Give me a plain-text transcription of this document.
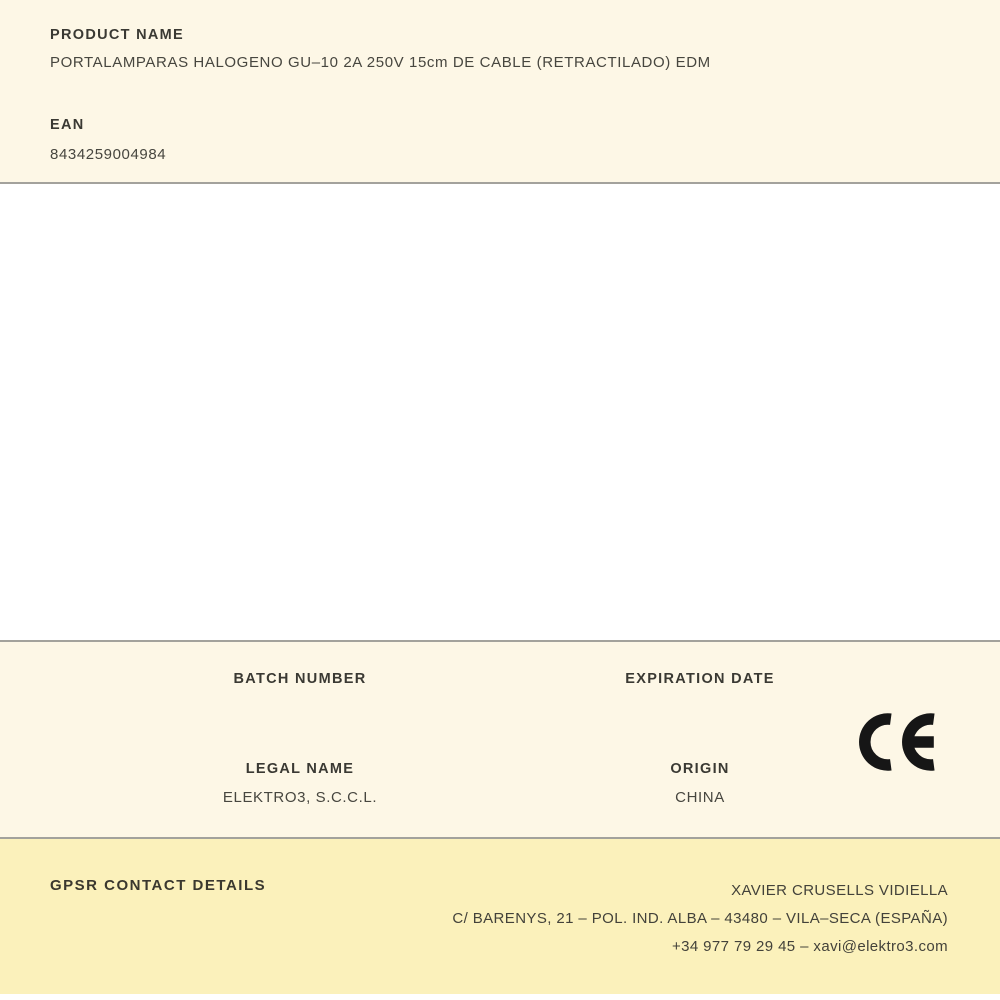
PRODUCT NAME
PORTALAMPARAS HALOGENO GU–10 2A 250V 15cm DE CABLE (RETRACTILADO) EDM
EAN
8434259004984
BATCH NUMBER	EXPIRATION DATE
LEGAL NAME
ELEKTRO3, S.C.C.L.
ORIGIN
CHINA
GPSR CONTACT DETAILS	XAVIER CRUSELLS VIDIELLA
C/ BARENYS, 21 – POL. IND. ALBA – 43480 – VILA–SECA (ESPAÑA)
+34 977 79 29 45 – xavi@elektro3.com
